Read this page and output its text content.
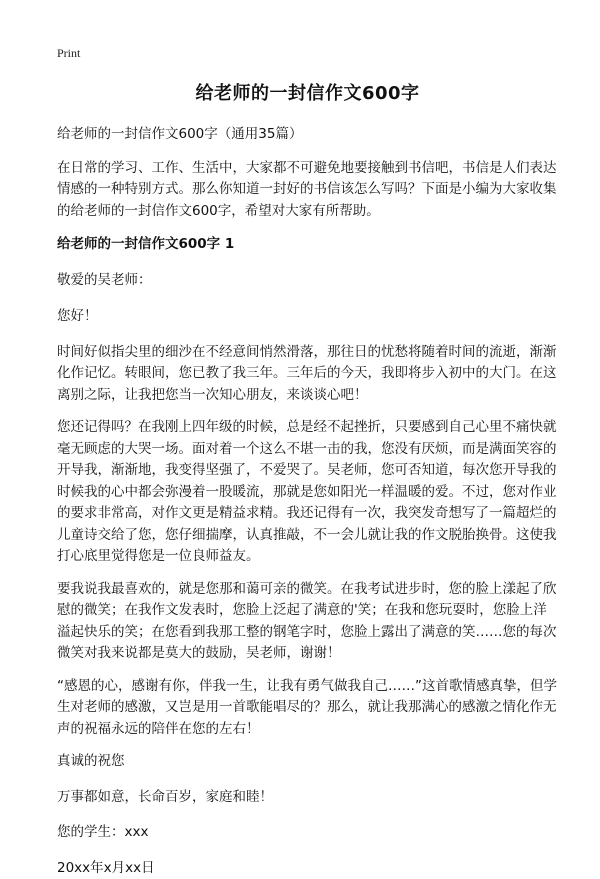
Print
给老师的一封信作文600字

给老师的一封信作文600字（通用35篇）

在日常的学习、工作、生活中，大家都不可避免地要接触到书信吧，书信是人们表达情感的一种特别方式。那么你知道一封好的书信该怎么写吗？下面是小编为大家收集的给老师的一封信作文600字，希望对大家有所帮助。

给老师的一封信作文600字 1

敬爱的吴老师：

您好！

时间好似指尖里的细沙在不经意间悄然滑落，那往日的忧愁将随着时间的流逝，渐渐化作记忆。转眼间，您已教了我三年。三年后的今天，我即将步入初中的大门。在这离别之际，让我把您当一次知心朋友，来谈谈心吧！

您还记得吗？在我刚上四年级的时候，总是经不起挫折，只要感到自己心里不痛快就毫无顾虑的大哭一场。面对着一个这么不堪一击的我，您没有厌烦，而是满面笑容的开导我，渐渐地，我变得坚强了，不爱哭了。吴老师，您可否知道，每次您开导我的时候我的心中都会弥漫着一股暖流，那就是您如阳光一样温暖的爱。不过，您对作业的要求非常高，对作文更是精益求精。我还记得有一次，我突发奇想写了一篇超烂的儿童诗交给了您，您仔细揣摩，认真推敲，不一会儿就让我的作文脱胎换骨。这使我打心底里觉得您是一位良师益友。

要我说我最喜欢的，就是您那和蔼可亲的微笑。在我考试进步时，您的脸上漾起了欣慰的微笑；在我作文发表时，您脸上泛起了满意的'笑；在我和您玩耍时，您脸上洋溢起快乐的笑；在您看到我那工整的钢笔字时，您脸上露出了满意的笑……您的每次微笑对我来说都是莫大的鼓励，吴老师，谢谢！

“感恩的心，感谢有你，伴我一生，让我有勇气做我自己……”这首歌情感真挚，但学生对老师的感激，又岂是用一首歌能唱尽的？那么，就让我那满心的感激之情化作无声的祝福永远的陪伴在您的左右！

真诚的祝您

万事都如意，长命百岁，家庭和睦！

您的学生：xxx

20xx年x月xx日
